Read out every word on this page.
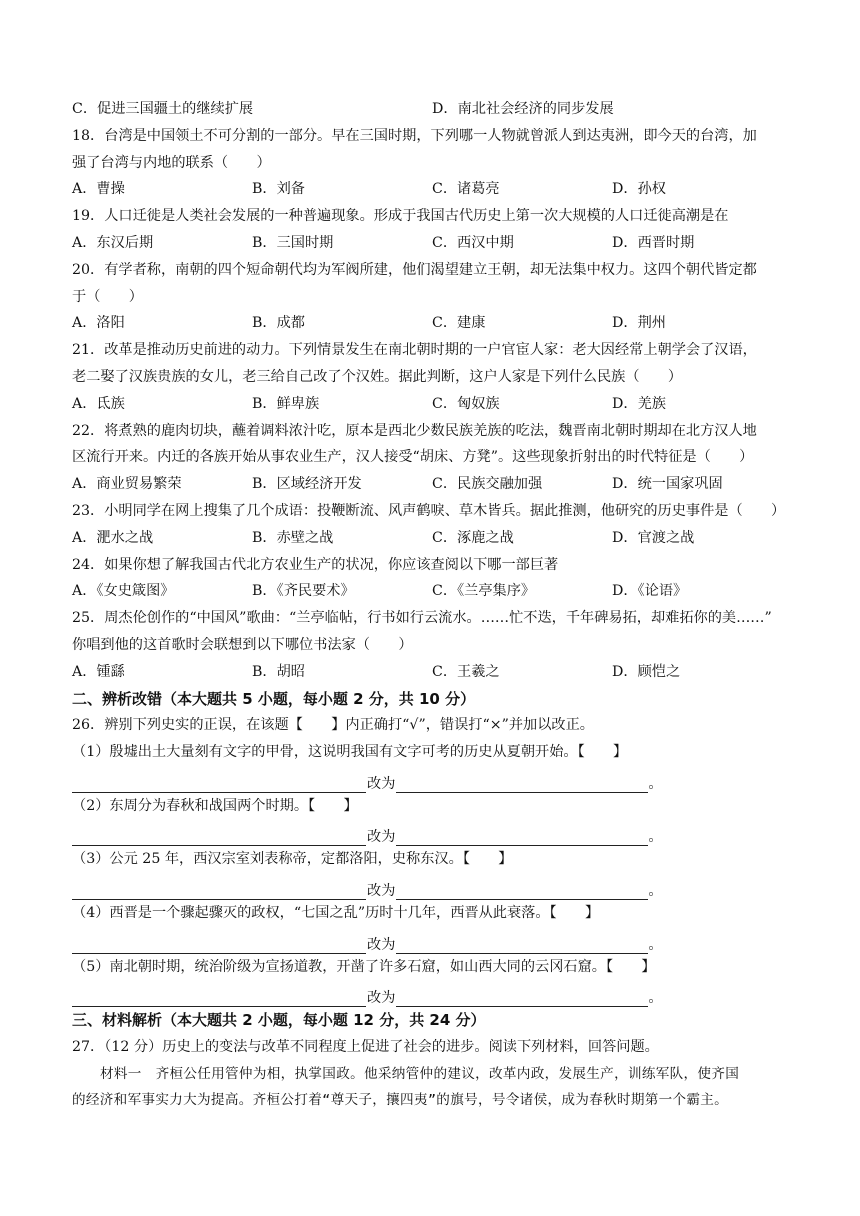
C．促进三国疆土的继续扩展	D．南北社会经济的同步发展
18．台湾是中国领土不可分割的一部分。早在三国时期，下列哪一人物就曾派人到达夷洲，即今天的台湾，加
强了台湾与内地的联系（　　）
A．曹操	B．刘备	C．诸葛亮	D．孙权
19．人口迁徙是人类社会发展的一种普遍现象。形成于我国古代历史上第一次大规模的人口迁徙高潮是在
A．东汉后期	B．三国时期	C．西汉中期	D．西晋时期
20．有学者称，南朝的四个短命朝代均为军阀所建，他们渴望建立王朝，却无法集中权力。这四个朝代皆定都
于（　　）
A．洛阳	B．成都	C．建康	D．荆州
21．改革是推动历史前进的动力。下列情景发生在南北朝时期的一户官宦人家：老大因经常上朝学会了汉语，
老二娶了汉族贵族的女儿，老三给自己改了个汉姓。据此判断，这户人家是下列什么民族（　　）
A．氐族	B．鲜卑族	C．匈奴族	D．羌族
22．将煮熟的鹿肉切块，蘸着调料浓汁吃，原本是西北少数民族羌族的吃法，魏晋南北朝时期却在北方汉人地
区流行开来。内迁的各族开始从事农业生产，汉人接受“胡床、方凳”。这些现象折射出的时代特征是（　　）
A．商业贸易繁荣	B．区域经济开发	C．民族交融加强	D．统一国家巩固
23．小明同学在网上搜集了几个成语：投鞭断流、风声鹤唳、草木皆兵。据此推测，他研究的历史事件是（　　）
A．淝水之战	B．赤壁之战	C．涿鹿之战	D．官渡之战
24．如果你想了解我国古代北方农业生产的状况，你应该查阅以下哪一部巨著
A．《女史箴图》	B．《齐民要术》	C．《兰亭集序》	D．《论语》
25．周杰伦创作的“中国风”歌曲：“兰亭临帖，行书如行云流水。……忙不迭，千年碑易拓，却难拓你的美……”
你唱到他的这首歌时会联想到以下哪位书法家（　　）
A．锺繇	B．胡昭	C．王羲之	D．顾恺之
二、辨析改错（本大题共 5 小题，每小题 2 分，共 10 分）
26．辨别下列史实的正误，在该题【　　】内正确打“√”，错误打“×”并加以改正。
（1）殷墟出土大量刻有文字的甲骨，这说明我国有文字可考的历史从夏朝开始。【　　】
改为	。
（2）东周分为春秋和战国两个时期。【　　】
改为	。
（3）公元 25 年，西汉宗室刘表称帝，定都洛阳，史称东汉。【　　】
改为	。
（4）西晋是一个骤起骤灭的政权，“七国之乱”历时十几年，西晋从此衰落。【　　】
改为	。
（5）南北朝时期，统治阶级为宣扬道教，开凿了许多石窟，如山西大同的云冈石窟。【　　】
改为	。
三、材料解析（本大题共 2 小题，每小题 12 分，共 24 分）
27．（12 分）历史上的变法与改革不同程度上促进了社会的进步。阅读下列材料，回答问题。
材料一　齐桓公任用管仲为相，执掌国政。他采纳管仲的建议，改革内政，发展生产，训练军队，使齐国
的经济和军事实力大为提高。齐桓公打着“尊天子，攘四夷”的旗号，号令诸侯，成为春秋时期第一个霸主。
